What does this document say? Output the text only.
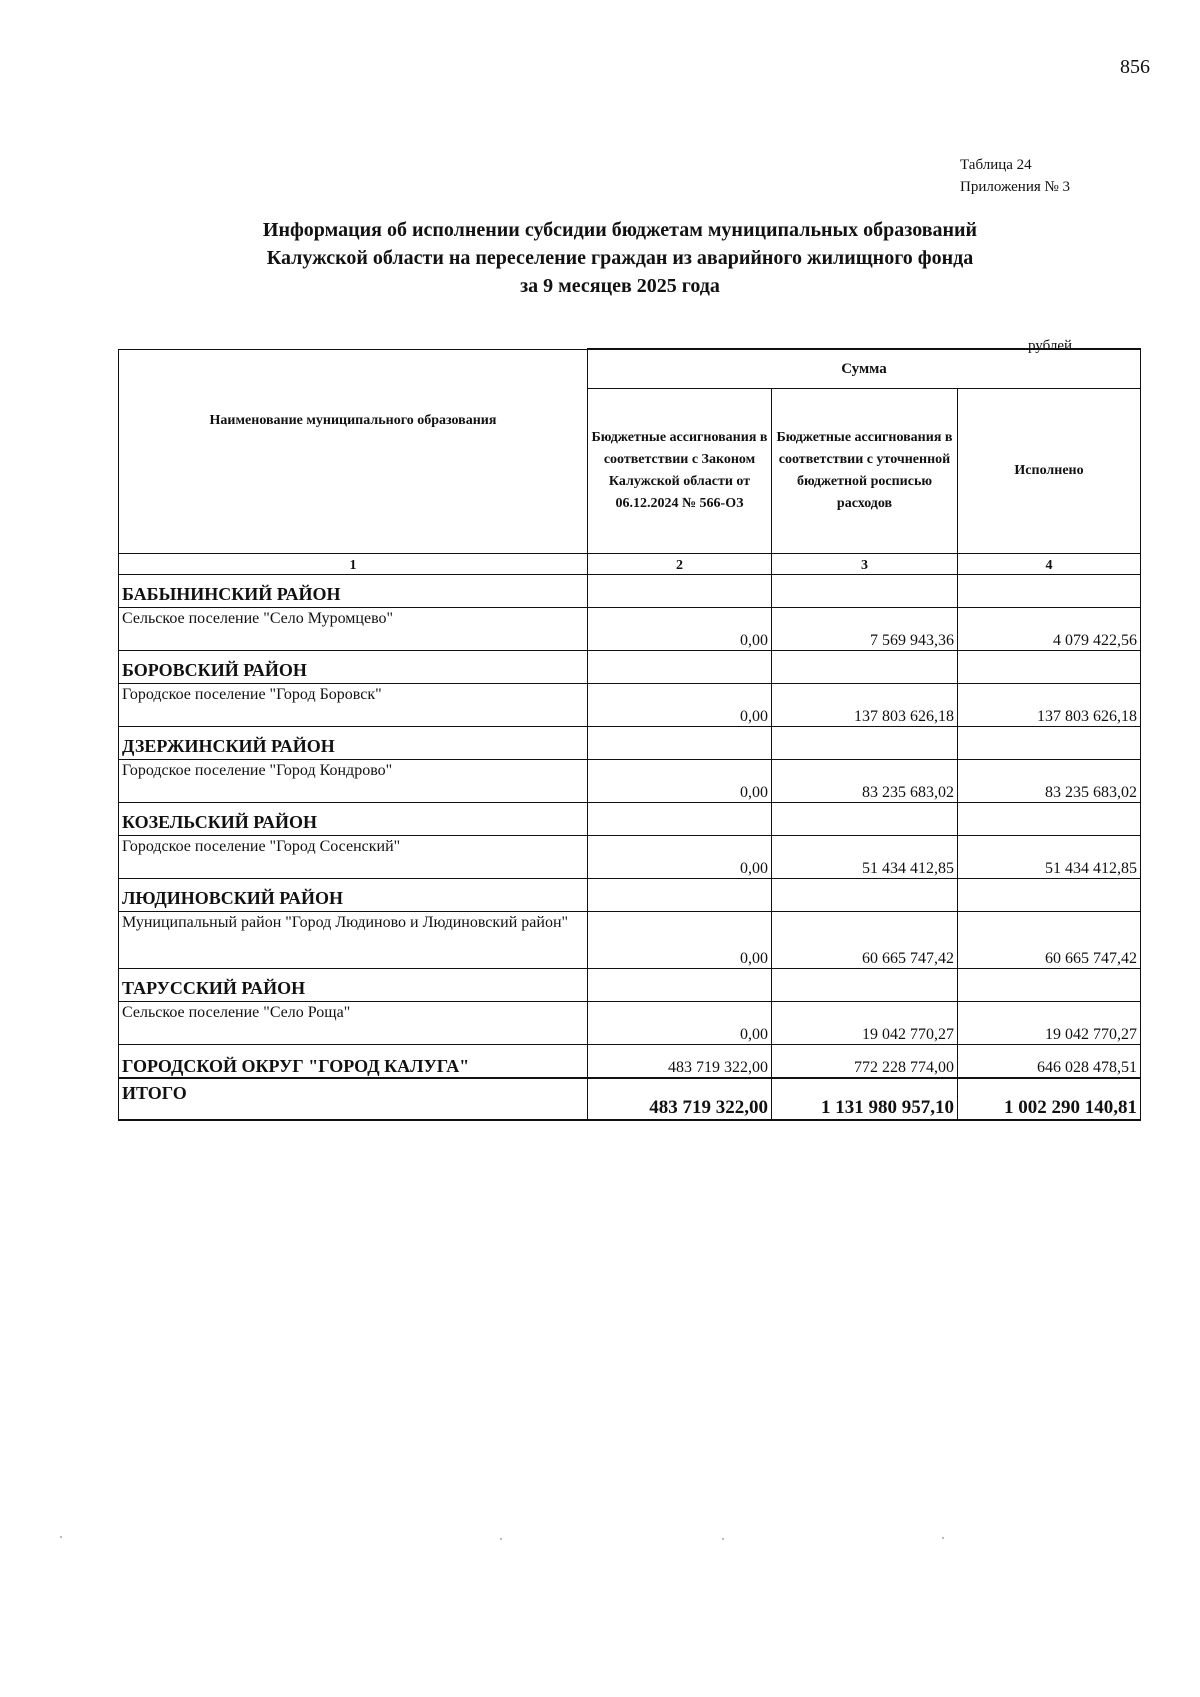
856
Таблица 24
Приложения № 3
Информация об исполнении субсидии бюджетам муниципальных образований
Калужской области на переселение граждан из аварийного жилищного фонда
за 9 месяцев 2025 года
рублей
Наименование муниципального образования	Сумма		
	Бюджетные ассигнования в соответствии с Законом Калужской области от 06.12.2024 № 566-ОЗ	Бюджетные ассигнования в соответствии с уточненной бюджетной росписью расходов	Исполнено
1	2	3	4
БАБЫНИНСКИЙ РАЙОН			
Сельское поселение "Село Муромцево"	0,00	7 569 943,36	4 079 422,56
БОРОВСКИЙ РАЙОН			
Городское поселение "Город Боровск"	0,00	137 803 626,18	137 803 626,18
ДЗЕРЖИНСКИЙ РАЙОН			
Городское поселение "Город Кондрово"	0,00	83 235 683,02	83 235 683,02
КОЗЕЛЬСКИЙ РАЙОН			
Городское поселение "Город Сосенский"	0,00	51 434 412,85	51 434 412,85
ЛЮДИНОВСКИЙ РАЙОН			
Муниципальный район "Город Людиново и Людиновский район"	0,00	60 665 747,42	60 665 747,42
ТАРУССКИЙ РАЙОН			
Сельское поселение "Село Роща"	0,00	19 042 770,27	19 042 770,27
ГОРОДСКОЙ ОКРУГ "ГОРОД КАЛУГА"	483 719 322,00	772 228 774,00	646 028 478,51
ИТОГО	483 719 322,00	1 131 980 957,10	1 002 290 140,81
